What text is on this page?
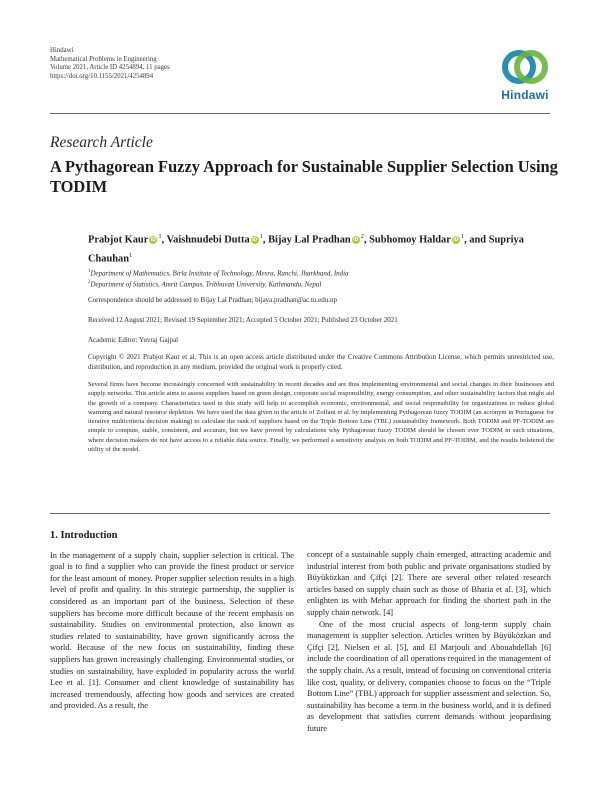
Hindawi
Mathematical Problems in Engineering
Volume 2021, Article ID 4254894, 11 pages
https://doi.org/10.1155/2021/4254894
Hindawi
Research Article
A Pythagorean Fuzzy Approach for Sustainable Supplier Selection Using TODIM
Prabjot Kaur $iD^1$, Vaishnudebi Dutta $iD^1$, Bijay Lal Pradhan $iD^2$, Subhomoy Haldar $iD^1$, and Supriya Chauhan$^1$
$^1$Department of Mathematics, Birla Institute of Technology, Mesra, Ranchi, Jharkhand, India
$^2$Department of Statistics, Amrit Campus, Tribhuvan University, Kathmandu, Nepal
Correspondence should be addressed to Bijay Lal Pradhan; bijaya.pradhan@ac.tu.edu.np
Received 12 August 2021; Revised 19 September 2021; Accepted 5 October 2021; Published 23 October 2021
Academic Editor: Yuvraj Gajpal
Copyright © 2021 Prabjot Kaur et al. This is an open access article distributed under the Creative Commons Attribution License, which permits unrestricted use, distribution, and reproduction in any medium, provided the original work is properly cited.
Several firms have become increasingly concerned with sustainability in recent decades and are thus implementing environmental and social changes in their businesses and supply networks. This article aims to assess suppliers based on green design, corporate social responsibility, energy consumption, and other sustainability factors that might aid the growth of a company. Characteristics used in this study will help to accomplish economic, environmental, and social responsibility for organizations to reduce global warming and natural resource depletion. We have used the data given in the article of Zolfani et al. by implementing Pythagorean fuzzy TODIM (an acronym in Portuguese for iterative multicriteria decision making) to calculate the rank of suppliers based on the Triple Bottom Line (TBL) sustainability framework. Both TODIM and PF-TODIM are simple to compute, stable, consistent, and accurate, but we have proved by calculations why Pythagorean fuzzy TODIM should be chosen over TODIM in such situations, where decision makers do not have access to a reliable data source. Finally, we performed a sensitivity analysis on both TODIM and PF-TODIM, and the results bolstered the utility of the model.
1. Introduction

In the management of a supply chain, supplier selection is critical. The goal is to find a supplier who can provide the finest product or service for the least amount of money. Proper supplier selection results in a high level of profit and quality. In this strategic partnership, the supplier is considered as an important part of the business. Selection of these suppliers has become more difficult because of the recent emphasis on sustainability. Studies on environmental protection, also known as studies related to sustainability, have grown significantly across the world. Because of the new focus on sustainability, finding these suppliers has grown increasingly challenging. Environmental studies, or studies on sustainability, have exploded in popularity across the world Lee et al. [1]. Consumer and client knowledge of sustainability has increased tremendously, affecting how goods and services are created and provided. As a result, the

concept of a sustainable supply chain emerged, attracting academic and industrial interest from both public and private organisations studied by Büyüközkan and Çifçi [2]. There are several other related research articles based on supply chain such as those of Bhatia et al. [3], which enlighten us with Mehar approach for finding the shortest path in the supply chain network. [4]

One of the most crucial aspects of long-term supply chain management is supplier selection. Articles written by Büyüközkan and Çifçi [2], Nielsen et al. [5], and El Marjouli and Abouabdellah [6] include the coordination of all operations required in the management of the supply chain. As a result, instead of focusing on conventional criteria like cost, quality, or delivery, companies choose to focus on the “Triple Bottom Line” (TBL) approach for supplier assessment and selection. So, sustainability has become a term in the business world, and it is defined as development that satisfies current demands without jeopardising future
